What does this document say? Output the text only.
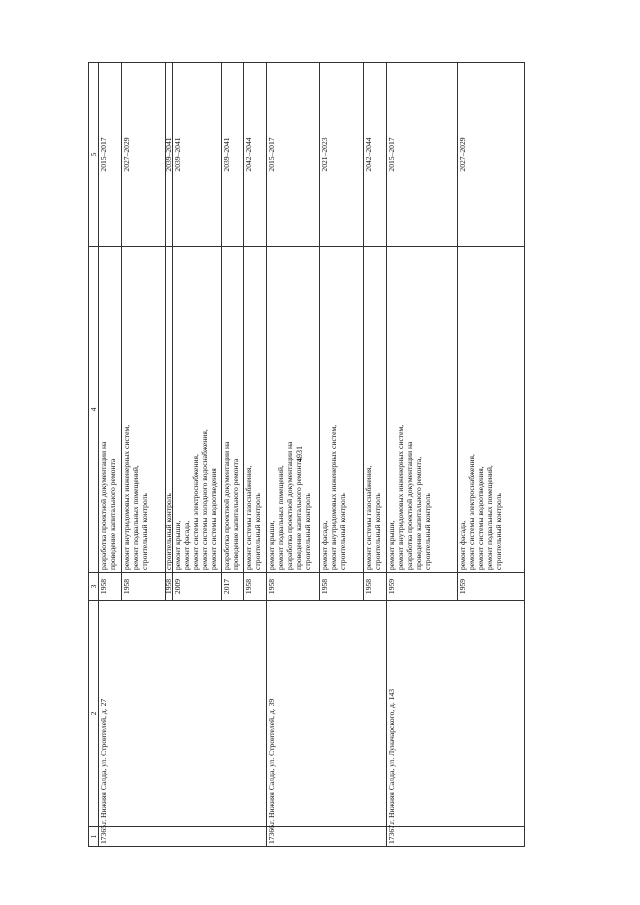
4931
1	2	3	4	5
17365.	г. Нижняя Салда, ул. Строителей, д. 27	1958	разработка проектной документации на проведение капитального ремонта	2015–2017
		1958	ремонт внутридомовых инженерных систем, ремонт подвальных помещений, строительный контроль	2027–2029
		1958	строительный контроль	2039–2041
		2009	ремонт крыши, ремонт фасада, ремонт системы электроснабжения, ремонт системы холодного водоснабжения, ремонт системы водоотведения	2039–2041
		2017	разработка проектной документации на проведение капитального ремонта	2039–2041
		1958	ремонт системы газоснабжения, строительный контроль	2042–2044
17366.	г. Нижняя Салда, ул. Строителей, д. 39	1958	ремонт крыши, ремонт подвальных помещений, разработка проектной документации на проведение капитального ремонта, строительный контроль	2015–2017
		1958	ремонт фасада, ремонт внутридомовых инженерных систем, строительный контроль	2021–2023
		1958	ремонт системы газоснабжения, строительный контроль	2042–2044
17367.	г. Нижняя Салда, ул. Луначарского, д. 143	1959	ремонт крыши, ремонт внутридомовых инженерных систем, разработка проектной документации на проведение капитального ремонта, строительный контроль	2015–2017
		1959	ремонт фасада, ремонт системы электроснабжения, ремонт системы водоотведения, ремонт подвальных помещений, строительный контроль	2027–2029
